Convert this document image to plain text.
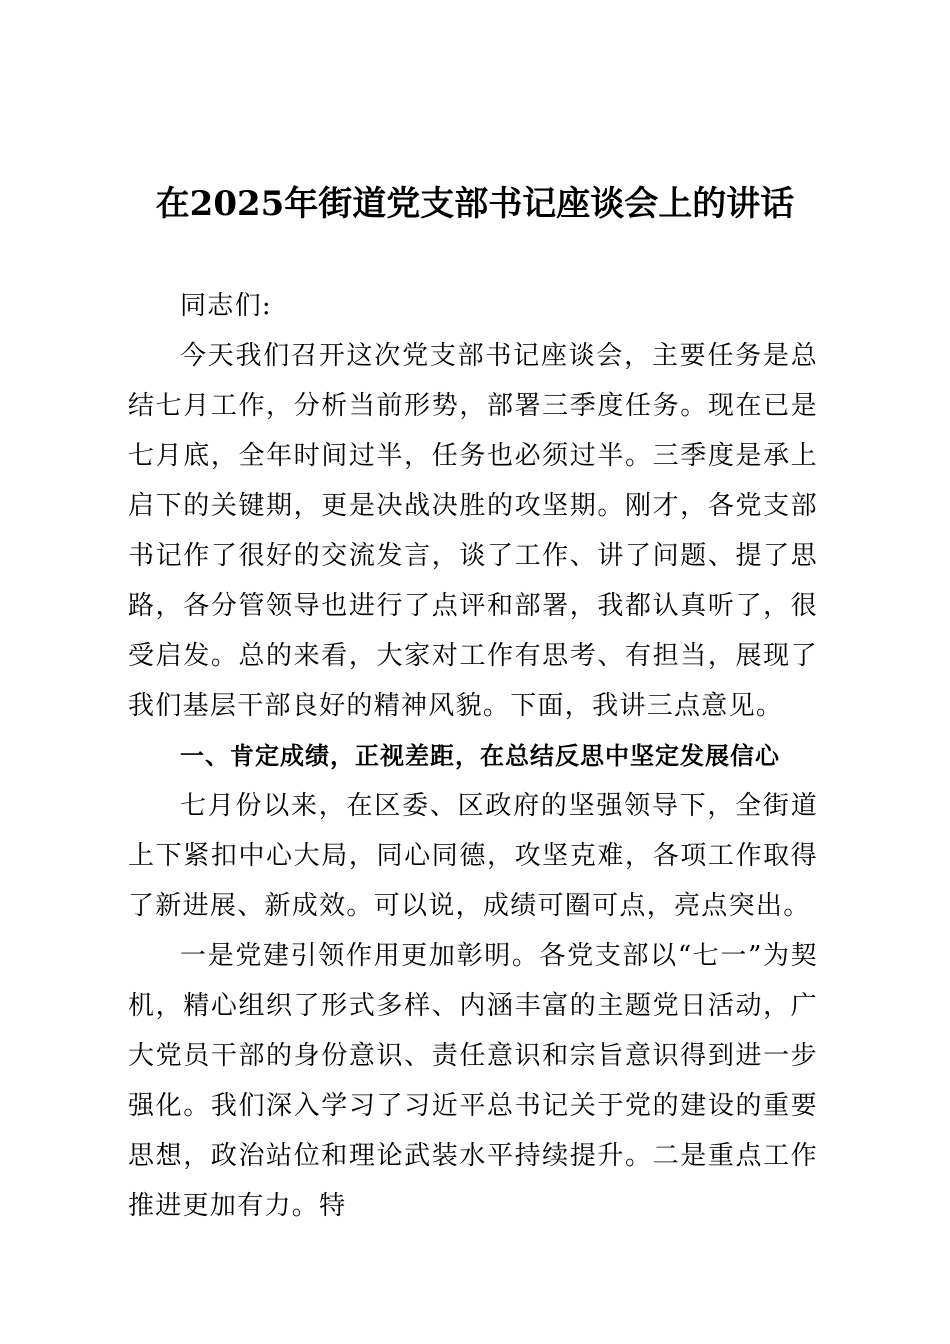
在2025年街道党支部书记座谈会上的讲话

同志们:

今天我们召开这次党支部书记座谈会，主要任务是总结七月工作，分析当前形势，部署三季度任务。现在已是七月底，全年时间过半，任务也必须过半。三季度是承上启下的关键期，更是决战决胜的攻坚期。刚才，各党支部书记作了很好的交流发言，谈了工作、讲了问题、提了思路，各分管领导也进行了点评和部署，我都认真听了，很受启发。总的来看，大家对工作有思考、有担当，展现了我们基层干部良好的精神风貌。下面，我讲三点意见。

一、肯定成绩，正视差距，在总结反思中坚定发展信心

七月份以来，在区委、区政府的坚强领导下，全街道上下紧扣中心大局，同心同德，攻坚克难，各项工作取得了新进展、新成效。可以说，成绩可圈可点，亮点突出。

一是党建引领作用更加彰明。各党支部以“七一”为契机，精心组织了形式多样、内涵丰富的主题党日活动，广大党员干部的身份意识、责任意识和宗旨意识得到进一步强化。我们深入学习了习近平总书记关于党的建设的重要思想，政治站位和理论武装水平持续提升。二是重点工作推进更加有力。特
